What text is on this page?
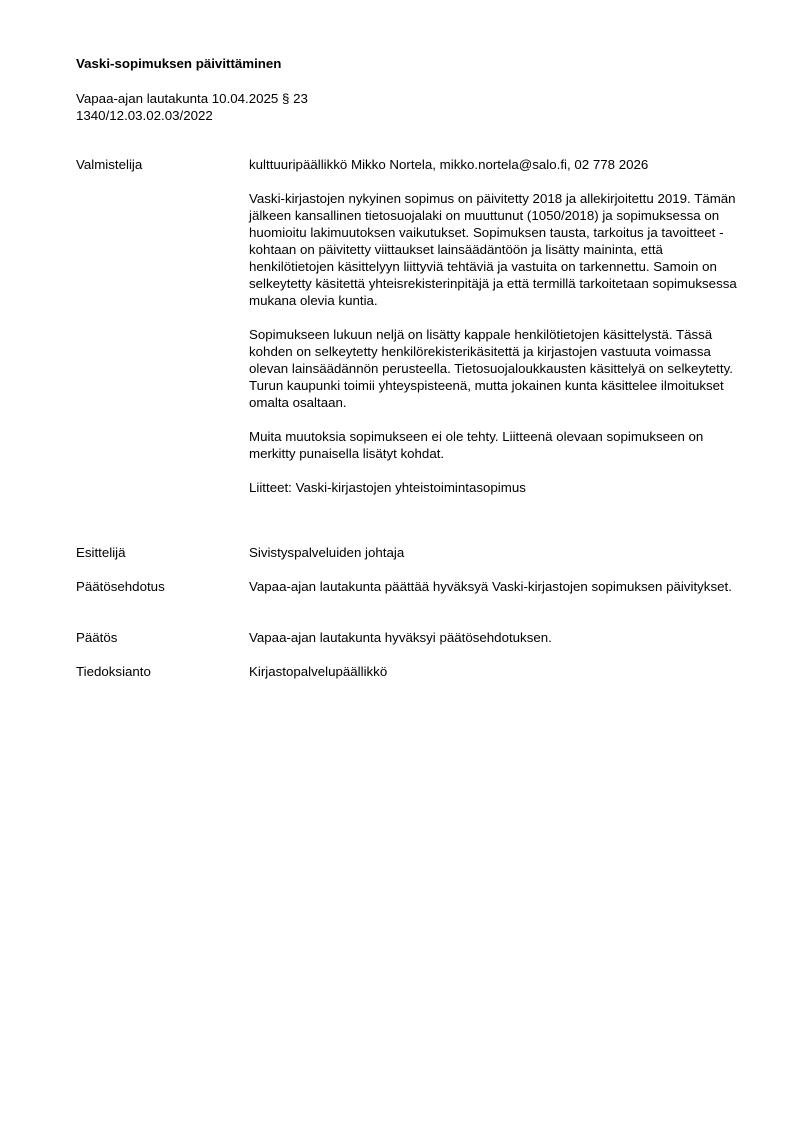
Vaski-sopimuksen päivittäminen
Vapaa-ajan lautakunta 10.04.2025 § 23
1340/12.03.02.03/2022
Valmistelija	kulttuuripäällikkö Mikko Nortela, mikko.nortela@salo.fi, 02 778 2026

Vaski-kirjastojen nykyinen sopimus on päivitetty 2018 ja allekirjoitettu 2019. Tämän jälkeen kansallinen tietosuojalaki on muuttunut (1050/2018) ja sopimuksessa on huomioitu lakimuutoksen vaikutukset. Sopimuksen tausta, tarkoitus ja tavoitteet -kohtaan on päivitetty viittaukset lainsäädäntöön ja lisätty maininta, että henkilötietojen käsittelyyn liittyviä tehtäviä ja vastuita on tarkennettu. Samoin on selkeytetty käsitettä yhteisrekisterinpitäjä ja että termillä tarkoitetaan sopimuksessa mukana olevia kuntia.

Sopimukseen lukuun neljä on lisätty kappale henkilötietojen käsittelystä. Tässä kohden on selkeytetty henkilörekisterikäsitettä ja kirjastojen vastuuta voimassa olevan lainsäädännön perusteella. Tietosuojaloukkausten käsittelyä on selkeytetty. Turun kaupunki toimii yhteyspisteenä, mutta jokainen kunta käsittelee ilmoitukset omalta osaltaan.

Muita muutoksia sopimukseen ei ole tehty. Liitteenä olevaan sopimukseen on merkitty punaisella lisätyt kohdat.

Liitteet: Vaski-kirjastojen yhteistoimintasopimus

Esittelijä	Sivistyspalveluiden johtaja
Päätösehdotus	Vapaa-ajan lautakunta päättää hyväksyä Vaski-kirjastojen sopimuksen päivitykset.
Päätös	Vapaa-ajan lautakunta hyväksyi päätösehdotuksen.
Tiedoksianto	Kirjastopalvelupäällikkö
